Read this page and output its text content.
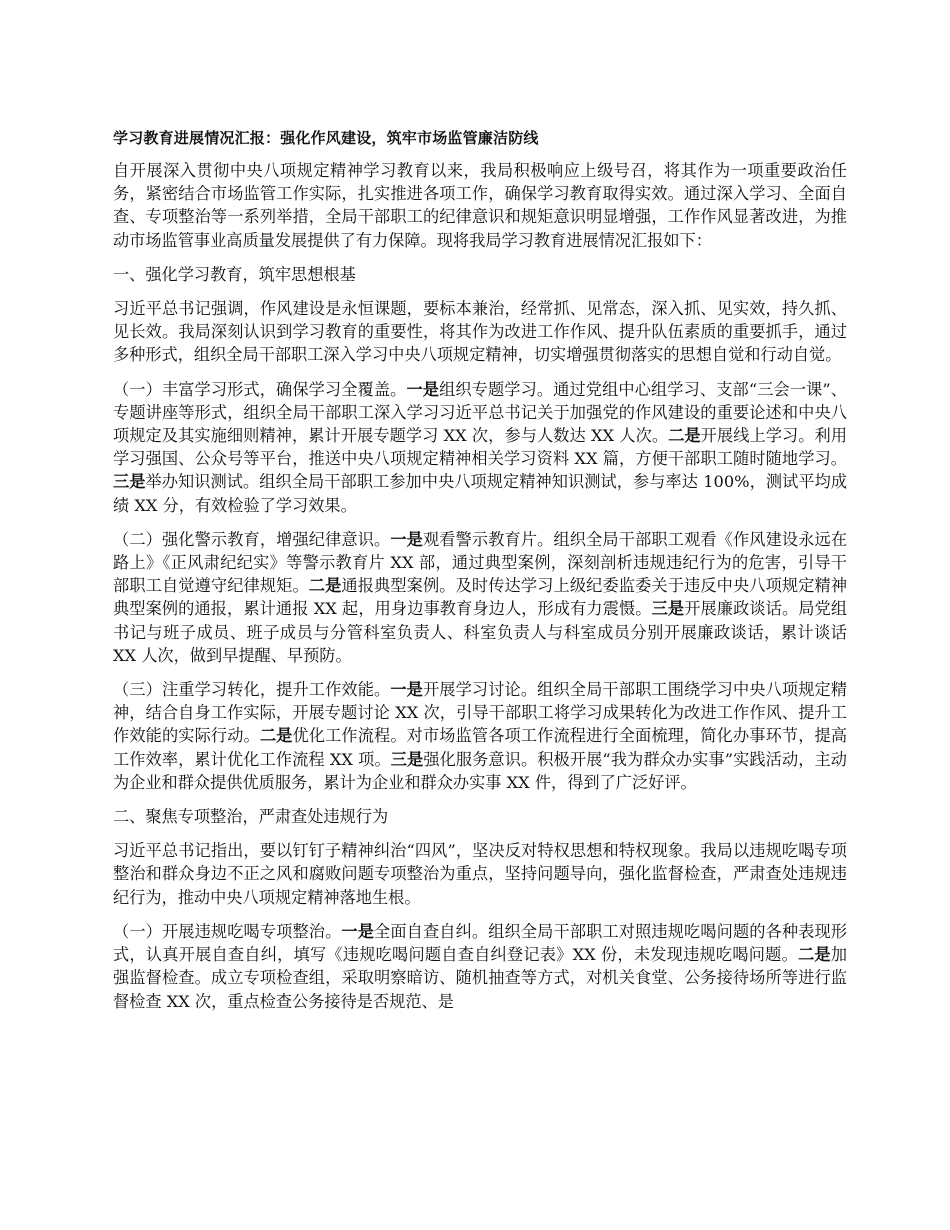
学习教育进展情况汇报：强化作风建设，筑牢市场监管廉洁防线

自开展深入贯彻中央八项规定精神学习教育以来，我局积极响应上级号召，将其作为一项重要政治任务，紧密结合市场监管工作实际，扎实推进各项工作，确保学习教育取得实效。通过深入学习、全面自查、专项整治等一系列举措，全局干部职工的纪律意识和规矩意识明显增强，工作作风显著改进，为推动市场监管事业高质量发展提供了有力保障。现将我局学习教育进展情况汇报如下：

一、强化学习教育，筑牢思想根基

习近平总书记强调，作风建设是永恒课题，要标本兼治，经常抓、见常态，深入抓、见实效，持久抓、见长效。我局深刻认识到学习教育的重要性，将其作为改进工作作风、提升队伍素质的重要抓手，通过多种形式，组织全局干部职工深入学习中央八项规定精神，切实增强贯彻落实的思想自觉和行动自觉。

（一）丰富学习形式，确保学习全覆盖。一是组织专题学习。通过党组中心组学习、支部“三会一课”、专题讲座等形式，组织全局干部职工深入学习习近平总书记关于加强党的作风建设的重要论述和中央八项规定及其实施细则精神，累计开展专题学习 XX 次，参与人数达 XX 人次。二是开展线上学习。利用学习强国、公众号等平台，推送中央八项规定精神相关学习资料 XX 篇，方便干部职工随时随地学习。三是举办知识测试。组织全局干部职工参加中央八项规定精神知识测试，参与率达 100%，测试平均成绩 XX 分，有效检验了学习效果。

（二）强化警示教育，增强纪律意识。一是观看警示教育片。组织全局干部职工观看《作风建设永远在路上》《正风肃纪纪实》等警示教育片 XX 部，通过典型案例，深刻剖析违规违纪行为的危害，引导干部职工自觉遵守纪律规矩。二是通报典型案例。及时传达学习上级纪委监委关于违反中央八项规定精神典型案例的通报，累计通报 XX 起，用身边事教育身边人，形成有力震慑。三是开展廉政谈话。局党组书记与班子成员、班子成员与分管科室负责人、科室负责人与科室成员分别开展廉政谈话，累计谈话 XX 人次，做到早提醒、早预防。

（三）注重学习转化，提升工作效能。一是开展学习讨论。组织全局干部职工围绕学习中央八项规定精神，结合自身工作实际，开展专题讨论 XX 次，引导干部职工将学习成果转化为改进工作作风、提升工作效能的实际行动。二是优化工作流程。对市场监管各项工作流程进行全面梳理，简化办事环节，提高工作效率，累计优化工作流程 XX 项。三是强化服务意识。积极开展“我为群众办实事”实践活动，主动为企业和群众提供优质服务，累计为企业和群众办实事 XX 件，得到了广泛好评。

二、聚焦专项整治，严肃查处违规行为

习近平总书记指出，要以钉钉子精神纠治“四风”，坚决反对特权思想和特权现象。我局以违规吃喝专项整治和群众身边不正之风和腐败问题专项整治为重点，坚持问题导向，强化监督检查，严肃查处违规违纪行为，推动中央八项规定精神落地生根。

（一）开展违规吃喝专项整治。一是全面自查自纠。组织全局干部职工对照违规吃喝问题的各种表现形式，认真开展自查自纠，填写《违规吃喝问题自查自纠登记表》XX 份，未发现违规吃喝问题。二是加强监督检查。成立专项检查组，采取明察暗访、随机抽查等方式，对机关食堂、公务接待场所等进行监督检查 XX 次，重点检查公务接待是否规范、是
